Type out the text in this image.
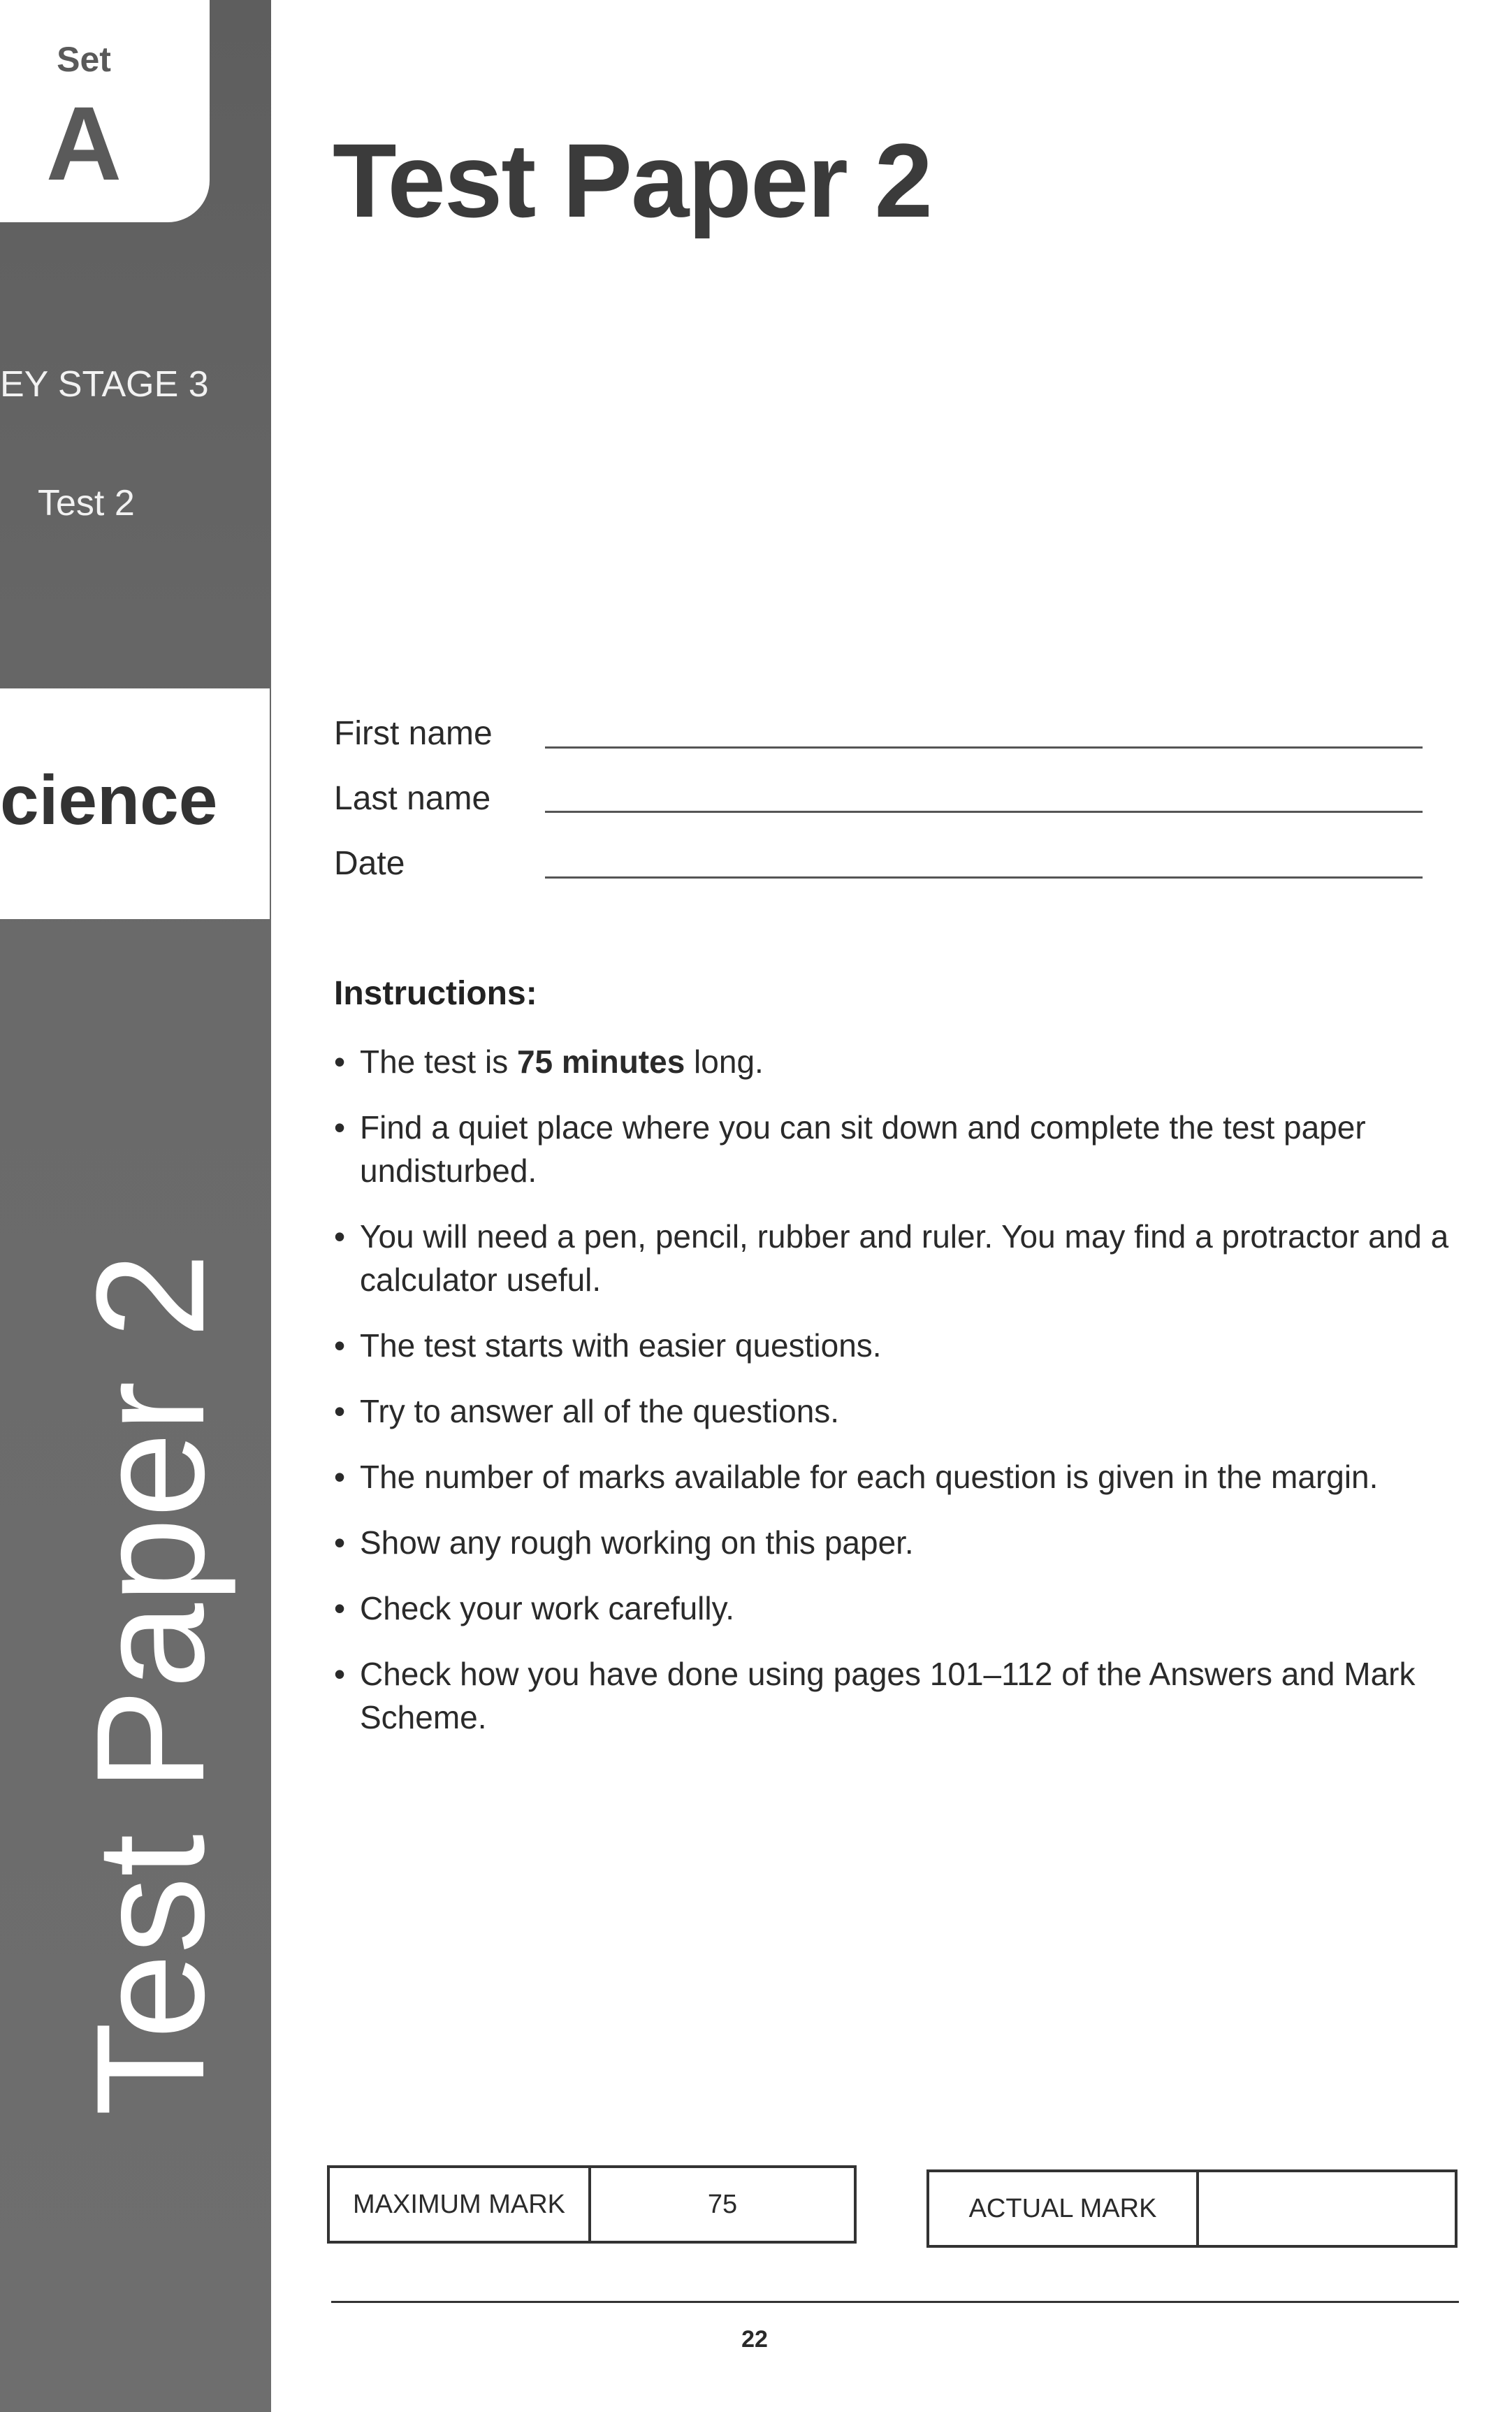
Set
A
EY STAGE 3
Test 2
cience
Test Paper 2
Test Paper 2
First name
Last name
Date
Instructions:
• The test is 75 minutes long.
• Find a quiet place where you can sit down and complete the test paper undisturbed.
• You will need a pen, pencil, rubber and ruler. You may find a protractor and a calculator useful.
• The test starts with easier questions.
• Try to answer all of the questions.
• The number of marks available for each question is given in the margin.
• Show any rough working on this paper.
• Check your work carefully.
• Check how you have done using pages 101–112 of the Answers and Mark Scheme.
MAXIMUM MARK	75	ACTUAL MARK
22
